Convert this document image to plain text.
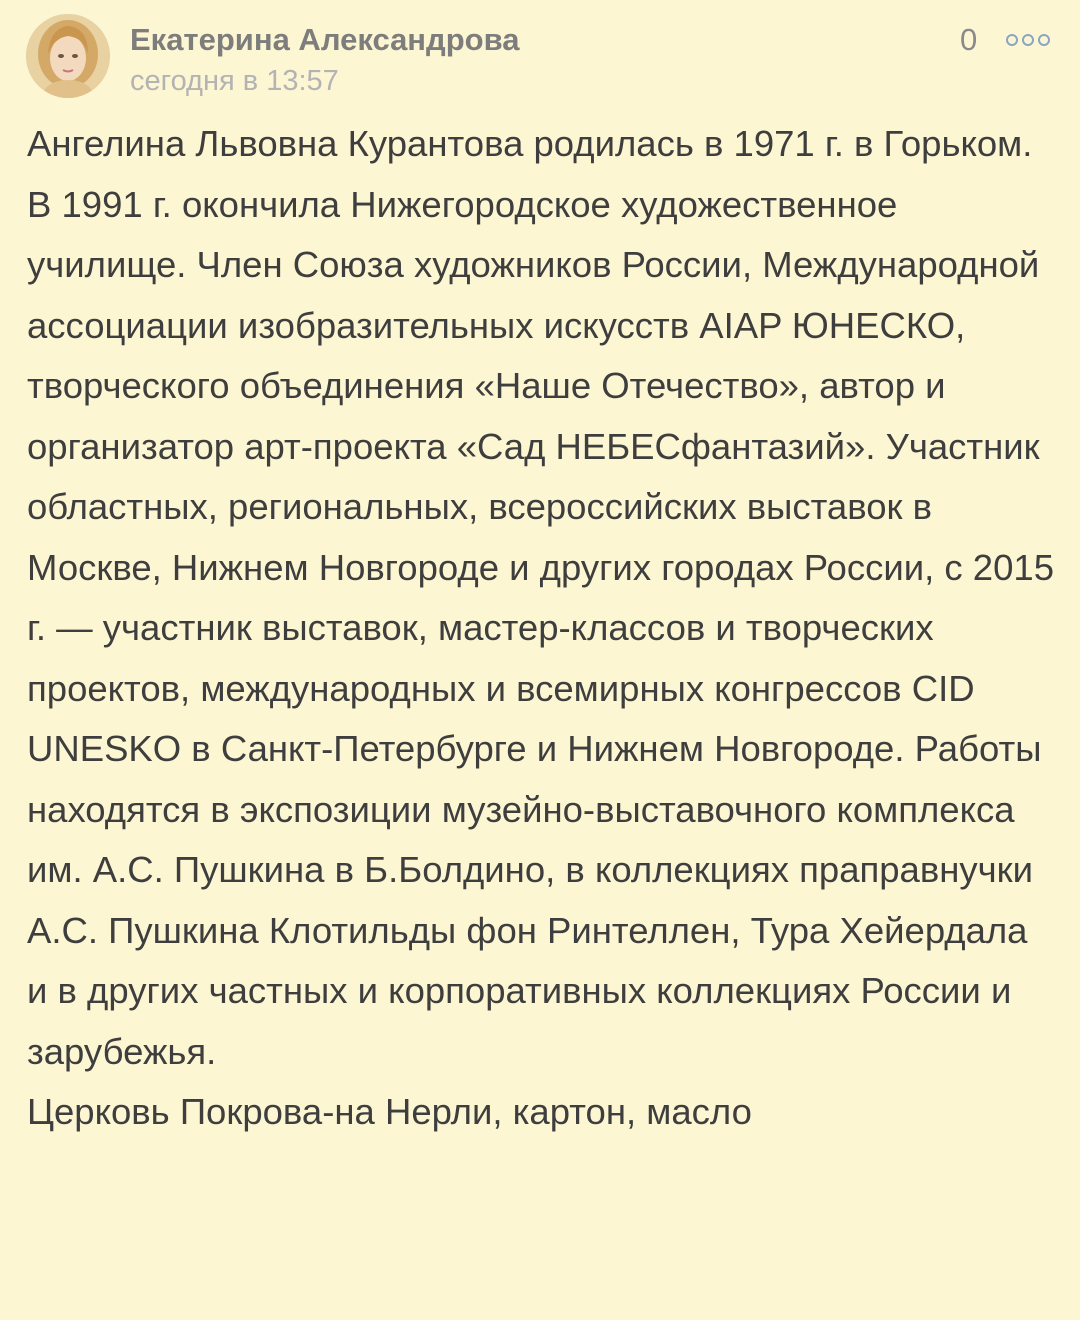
Екатерина Александрова
сегодня в 13:57
0

Ангелина Львовна Курантова родилась в 1971 г. в Горьком. В 1991 г. окончила Нижегородское художественное училище. Член Союза художников России, Международной ассоциации изобразительных искусств AIAP ЮНЕСКО, творческого объединения «Наше Отечество», автор и организатор арт-проекта «Сад НЕБЕСфантазий». Участник областных, региональных, всероссийских выставок в Москве, Нижнем Новгороде и других городах России, с 2015 г. — участник выставок, мастер-классов и творческих проектов, международных и всемирных конгрессов CID UNESKO в Санкт-Петербурге и Нижнем Новгороде. Работы находятся в экспозиции музейно-выставочного комплекса им. А.С. Пушкина в Б.Болдино, в коллекциях праправнучки А.С. Пушкина Клотильды фон Ринтеллен, Тура Хейердала и в других частных и корпоративных коллекциях России и зарубежья.

Церковь Покрова-на Нерли, картон, масло
